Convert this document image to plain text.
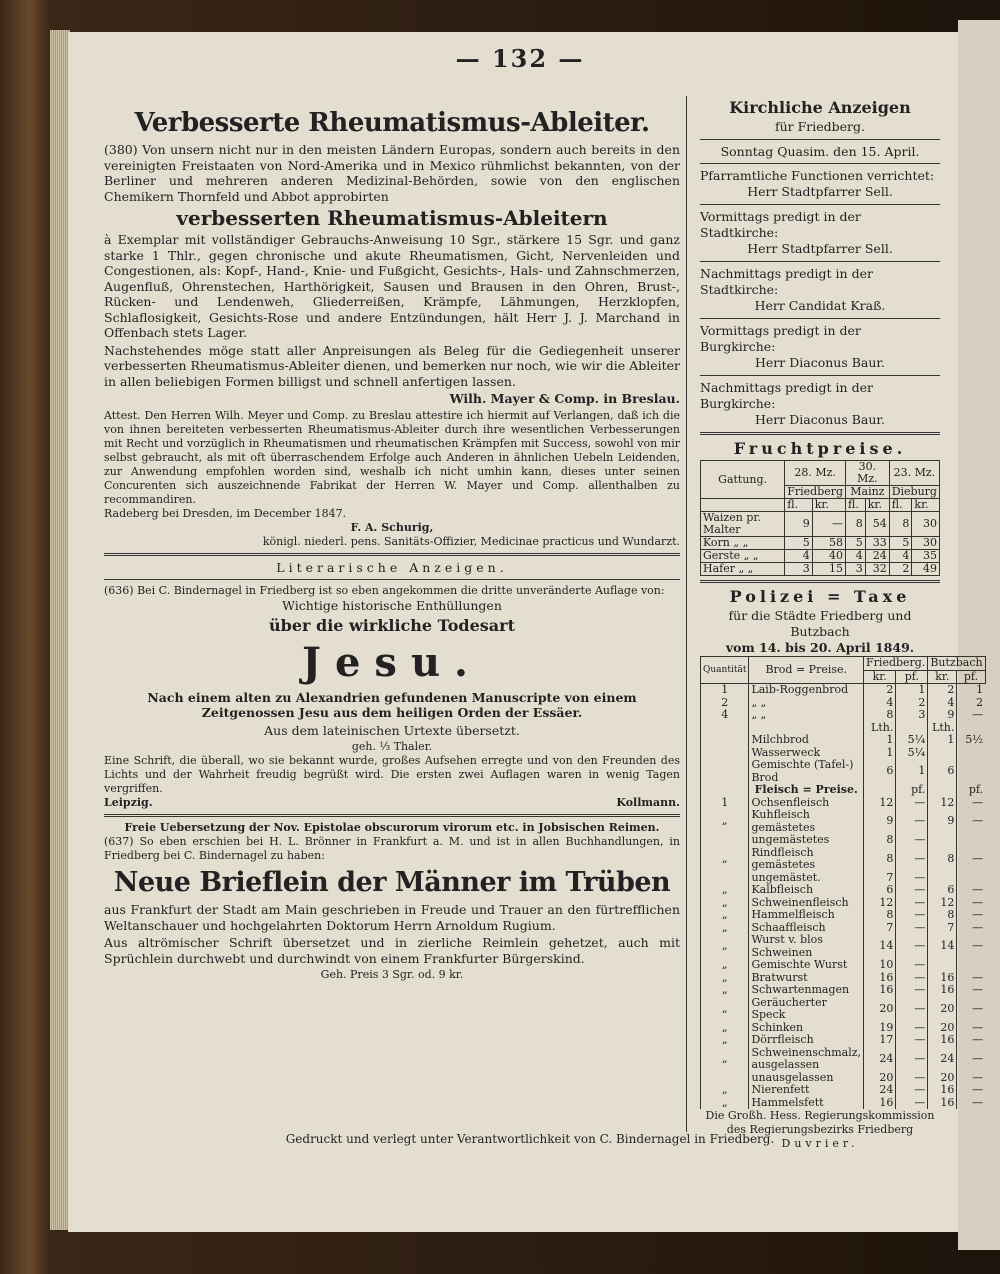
— 132 —
Verbesserte Rheumatismus-Ableiter.

(380) Von unsern nicht nur in den meisten Ländern Europas, sondern auch bereits in den vereinigten Freistaaten von Nord-Amerika und in Mexico rühmlichst bekannten, von der Berliner und mehreren anderen Medizinal-Behörden, sowie von den englischen Chemikern Thornfeld und Abbot approbirten

verbesserten Rheumatismus-Ableitern

à Exemplar mit vollständiger Gebrauchs-Anweisung 10 Sgr., stärkere 15 Sgr. und ganz starke 1 Thlr., gegen chronische und akute Rheumatismen, Gicht, Nervenleiden und Congestionen, als: Kopf-, Hand-, Knie- und Fußgicht, Gesichts-, Hals- und Zahnschmerzen, Augenfluß, Ohrenstechen, Harthörigkeit, Sausen und Brausen in den Ohren, Brust-, Rücken- und Lendenweh, Gliederreißen, Krämpfe, Lähmungen, Herzklopfen, Schlaflosigkeit, Gesichts-Rose und andere Entzündungen, hält Herr J. J. Marchand in Offenbach stets Lager.

Nachstehendes möge statt aller Anpreisungen als Beleg für die Gediegenheit unserer verbesserten Rheumatismus-Ableiter dienen, und bemerken nur noch, wie wir die Ableiter in allen beliebigen Formen billigst und schnell anfertigen lassen.

Wilh. Mayer & Comp. in Breslau.

Attest. Den Herren Wilh. Meyer und Comp. zu Breslau attestire ich hiermit auf Verlangen, daß ich die von ihnen bereiteten verbesserten Rheumatismus-Ableiter durch ihre wesentlichen Verbesserungen mit Recht und vorzüglich in Rheumatismen und rheumatischen Krämpfen mit Success, sowohl von mir selbst gebraucht, als mit oft überraschendem Erfolge auch Anderen in ähnlichen Uebeln Leidenden, zur Anwendung empfohlen worden sind, weshalb ich nicht umhin kann, dieses unter seinen Concurenten sich auszeichnende Fabrikat der Herren W. Mayer und Comp. allenthalben zu recommandiren.

Radeberg bei Dresden, im December 1847.
F. A. Schurig,
königl. niederl. pens. Sanitäts-Offizier, Medicinae practicus und Wundarzt.
Literarische Anzeigen.

(636) Bei C. Bindernagel in Friedberg ist so eben angekommen die dritte unveränderte Auflage von:

Wichtige historische Enthüllungen
über die wirkliche Todesart
Jesu.

Nach einem alten zu Alexandrien gefundenen Manuscripte von einem Zeitgenossen Jesu aus dem heiligen Orden der Essäer.

Aus dem lateinischen Urtexte übersetzt.
geh. ⅓ Thaler.

Eine Schrift, die überall, wo sie bekannt wurde, großes Aufsehen erregte und von den Freunden des Lichts und der Wahrheit freudig begrüßt wird. Die ersten zwei Auflagen waren in wenig Tagen vergriffen.

Leipzig.	Kollmann.
Freie Uebersetzung der Nov. Epistolae obscurorum virorum etc. in Jobsischen Reimen.

(637) So eben erschien bei H. L. Brönner in Frankfurt a. M. und ist in allen Buchhandlungen, in Friedberg bei C. Bindernagel zu haben:

Neue Brieflein der Männer im Trüben

aus Frankfurt der Stadt am Main geschrieben in Freude und Trauer an den fürtrefflichen Weltanschauer und hochgelahrten Doktorum Herrn Arnoldum Rugium.

Aus altrömischer Schrift übersetzet und in zierliche Reimlein gehetzet, auch mit Sprüchlein durchwebt und durchwindt von einem Frankfurter Bürgerskind.

Geh. Preis 3 Sgr. od. 9 kr.
Kirchliche Anzeigen
für Friedberg.
Sonntag Quasim. den 15. April.
Pfarramtliche Functionen verrichtet:
Herr Stadtpfarrer Sell.
Vormittags predigt in der Stadtkirche:
Herr Stadtpfarrer Sell.
Nachmittags predigt in der Stadtkirche:
Herr Candidat Kraß.
Vormittags predigt in der Burgkirche:
Herr Diaconus Baur.
Nachmittags predigt in der Burgkirche:
Herr Diaconus Baur.
Fruchtpreise.
Gattung.	28. Mz.		30. Mz.		23. Mz.	
	Friedberg		Mainz		Dieburg	
	fl.	kr.	fl.	kr.	fl.	kr.
Waizen pr. Malter	9	—	8	54	8	30
Korn „ „	5	58	5	33	5	30
Gerste „ „	4	40	4	24	4	35
Hafer „ „	3	15	3	32	2	49
Polizei = Taxe
für die Städte Friedberg und Butzbach
vom 14. bis 20. April 1849.
Quantität	Brod = Preise.	Friedberg.		Butzbach	
		kr.	pf.	kr.	pf.
1	Laib-Roggenbrod	2	1	2	1
2	„ „	4	2	4	2
4	„ „	8	3	9	—
		Lth.		Lth.	
	Milchbrod	1	5¼	1	5½
	Wasserweck	1	5¼		
	Gemischte (Tafel-) Brod	6	1	6	
	Fleisch = Preise.		pf.		pf.
1	Ochsenfleisch	12	—	12	—
„	Kuhfleisch gemästetes	9	—	9	—
	ungemästetes	8	—		
„	Rindfleisch gemästetes	8	—	8	—
	ungemästet.	7	—		
„	Kalbfleisch	6	—	6	—
„	Schweinenfleisch	12	—	12	—
„	Hammelfleisch	8	—	8	—
„	Schaaffleisch	7	—	7	—
„	Wurst v. blos Schweinen	14	—	14	—
„	Gemischte Wurst	10	—		
„	Bratwurst	16	—	16	—
„	Schwartenmagen	16	—	16	—
„	Geräucherter Speck	20	—	20	—
„	Schinken	19	—	20	—
„	Dörrfleisch	17	—	16	—
„	Schweinenschmalz, ausgelassen	24	—	24	—
	unausgelassen	20	—	20	—
„	Nierenfett	24	—	16	—
„	Hammelsfett	16	—	16	—
Die Großh. Hess. Regierungskommission des Regierungsbezirks Friedberg
Duvrier.
Gedruckt und verlegt unter Verantwortlichkeit von C. Bindernagel in Friedberg.
